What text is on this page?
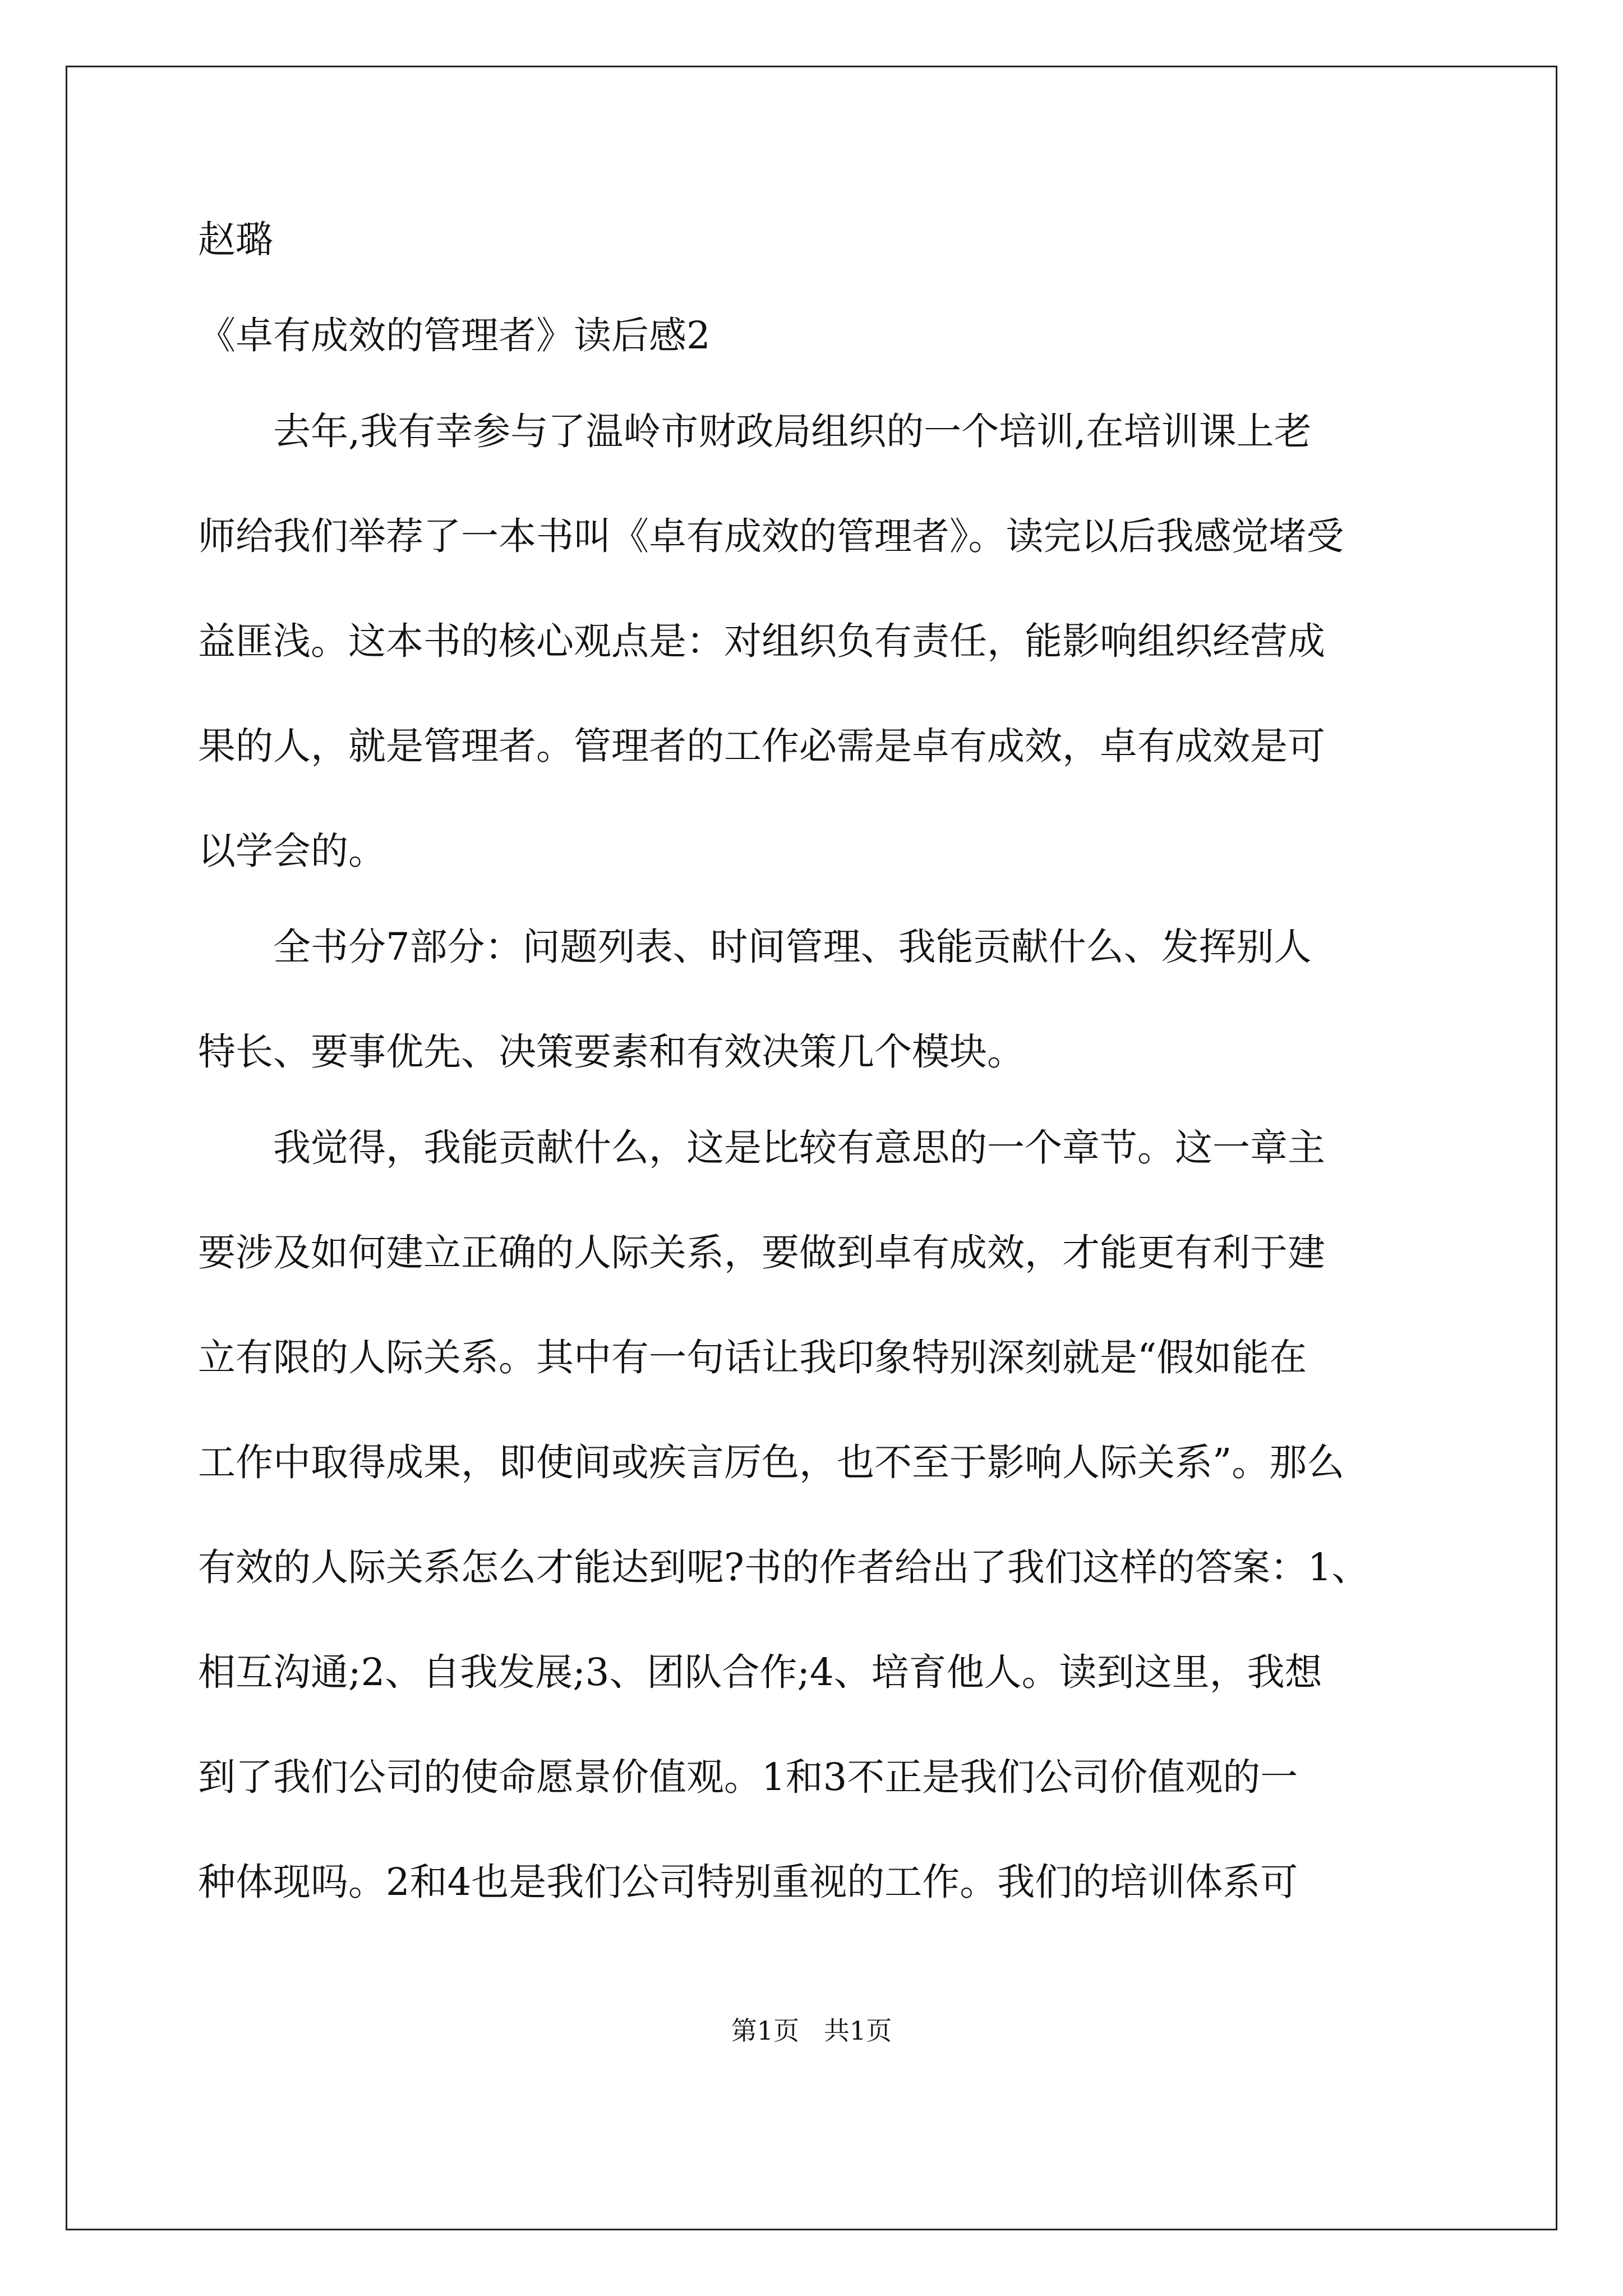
赵璐
《卓有成效的管理者》读后感2
去年,我有幸参与了温岭市财政局组织的一个培训,在培训课上老
师给我们举荐了一本书叫《卓有成效的管理者》。读完以后我感觉堵受
益匪浅。这本书的核心观点是：对组织负有责任，能影响组织经营成
果的人，就是管理者。管理者的工作必需是卓有成效，卓有成效是可
以学会的。
全书分7部分：问题列表、时间管理、我能贡献什么、发挥别人
特长、要事优先、决策要素和有效决策几个模块。
我觉得，我能贡献什么，这是比较有意思的一个章节。这一章主
要涉及如何建立正确的人际关系，要做到卓有成效，才能更有利于建
立有限的人际关系。其中有一句话让我印象特别深刻就是“假如能在
工作中取得成果，即使间或疾言厉色，也不至于影响人际关系”。那么
有效的人际关系怎么才能达到呢?书的作者给出了我们这样的答案：1、
相互沟通;2、自我发展;3、团队合作;4、培育他人。读到这里，我想
到了我们公司的使命愿景价值观。1和3不正是我们公司价值观的一
种体现吗。2和4也是我们公司特别重视的工作。我们的培训体系可
第1页   共1页
